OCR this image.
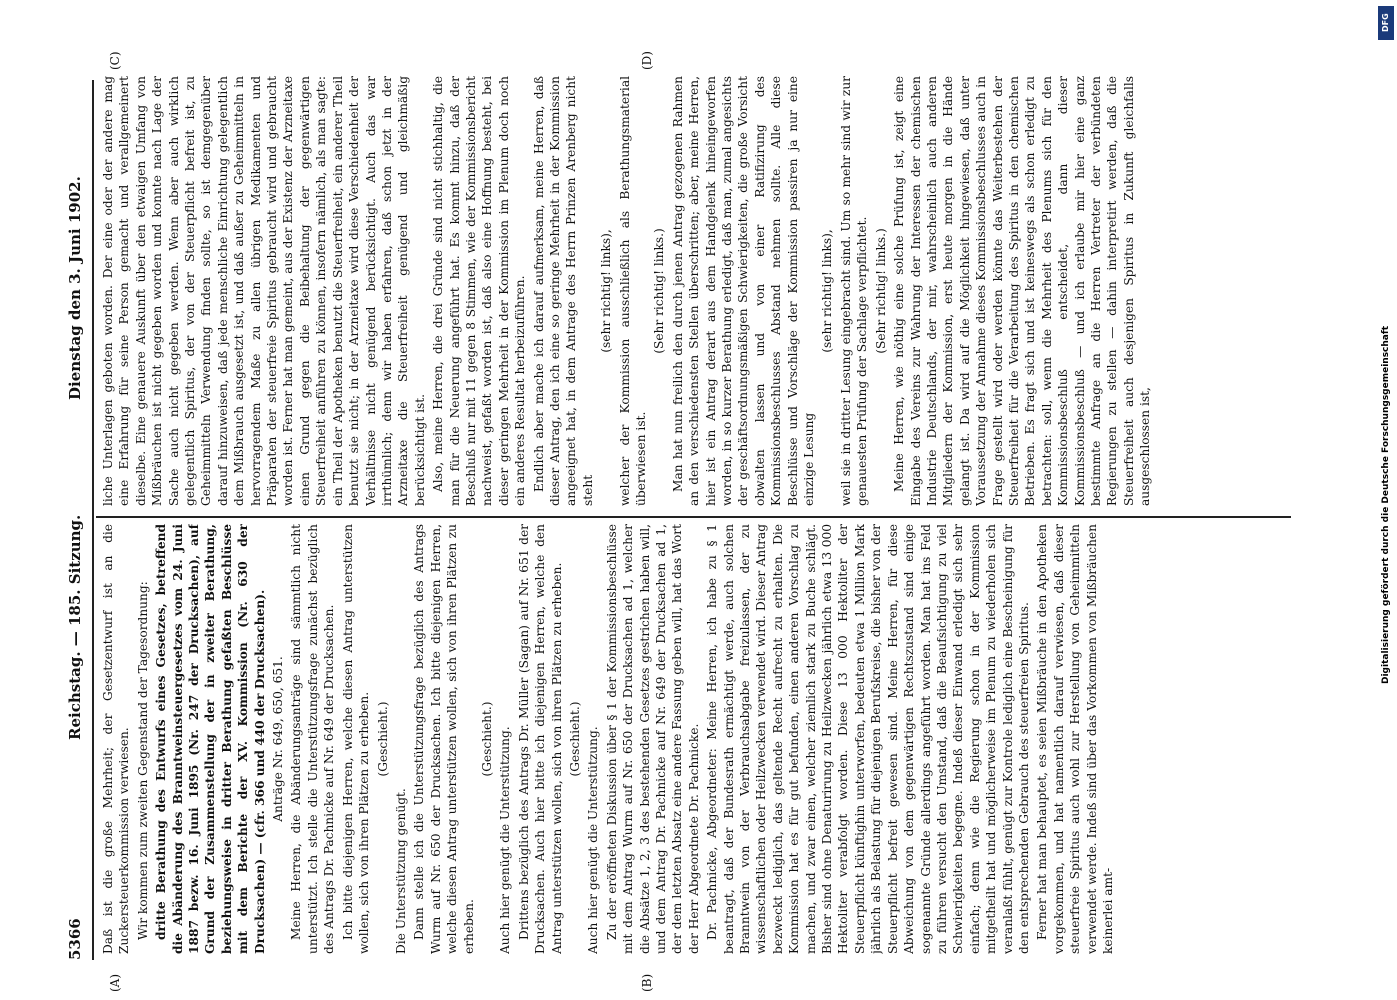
5366
Reichstag. — 185. Sitzung.
Dienstag den 3. Juni 1902.
(A)	(B)
(C)	(D)

Daß ist die große Mehrheit; der Gesetzentwurf ist an die Zuckersteuerkommission verwiesen. Wir kommen zum zweiten Gegenstand der Tagesordnung: dritte Berathung des Entwurfs eines Gesetzes, betreffend die Abänderung des Branntweinsteuergesetzes vom 24. Juni 1887 bezw. 16. Juni 1895 (Nr. 247 der Drucksachen), auf Grund der Zusammenstellung der in zweiter Berathung, beziehungsweise in dritter Berathung gefaßten Beschlüsse mit dem Berichte der XV. Kommission (Nr. 630 der Drucksachen) — (cfr. 366 und 440 der Drucksachen). Anträge Nr. 649, 650, 651. Meine Herren, die Abänderungsanträge sind sämmtlich nicht unterstützt. Ich stelle die Unterstützungsfrage zunächst bezüglich des Antrags Dr. Pachnicke auf Nr. 649 der Drucksachen. Ich bitte diejenigen Herren, welche diesen Antrag unterstützen wollen, sich von ihren Plätzen zu erheben. (Geschieht.)

Die Unterstützung genügt. Dann stelle ich die Unterstützungsfrage bezüglich des Antrags Wurm auf Nr. 650 der Drucksachen. Ich bitte diejenigen Herren, welche diesen Antrag unterstützen wollen, sich von ihren Plätzen zu erheben.

(Geschieht.) Auch hier genügt die Unterstützung. Drittens bezüglich des Antrags Dr. Müller (Sagan) auf Nr. 651 der Drucksachen. Auch hier bitte ich diejenigen Herren, welche den Antrag unterstützen wollen, sich von ihren Plätzen zu erheben. (Geschieht.) Auch hier genügt die Unterstützung. Zu der eröffneten Diskussion über § 1 der Kommissionsbeschlüsse mit dem Antrag Wurm auf Nr. 650 der Drucksachen ad 1, welcher die Absätze 1, 2, 3 des bestehenden Gesetzes gestrichen haben will, und dem Antrag Dr. Pachnicke auf Nr. 649 der Drucksachen ad 1, der dem letzten Absatz eine andere Fassung geben will, hat das Wort der Herr Abgeordnete Dr. Pachnicke. Dr. Pachnicke, Abgeordneter: Meine Herren, ich habe zu § 1 beantragt, daß der Bundesrath ermächtigt werde, auch solchen Branntwein von der Verbrauchsabgabe freizulassen, der zu wissenschaftlichen oder Heilzwecken verwendet wird. Dieser Antrag bezweckt lediglich, das geltende Recht aufrecht zu erhalten. Die Kommission hat es für gut befunden, einen anderen Vorschlag zu machen, und zwar einen, welcher ziemlich stark zu Buche schlägt. Bisher sind ohne Denaturirung zu Heilzwecken jährlich etwa 13 000 Hektoliter verabfolgt worden. Diese 13 000 Hektoliter der Steuerpflicht künftighin unterworfen, bedeuten etwa 1 Million Mark jährlich als Belastung für diejenigen Berufskreise, die bisher von der Steuerpflicht befreit gewesen sind. Meine Herren, für diese Abweichung von dem gegenwärtigen Rechtszustand sind einige sogenannte Gründe allerdings angeführt worden. Man hat ins Feld zu führen versucht den Umstand, daß die Beaufsichtigung zu viel Schwierigkeiten begegne. Indeß dieser Einwand erledigt sich sehr einfach; denn wie die Regierung schon in der Kommission mitgetheilt hat und möglicherweise im Plenum zu wiederholen sich veranlaßt fühlt, genügt zur Kontrole lediglich eine Bescheinigung für den entsprechenden Gebrauch des steuerfreien Spiritus. Ferner hat man behauptet, es seien Mißbräuche in den Apotheken vorgekommen, und hat namentlich darauf verwiesen, daß dieser steuerfreie Spiritus auch wohl zur Herstellung von Geheimmitteln verwendet werde. Indeß sind über das Vorkommen von Mißbräuchen keinerlei amt-

liche Unterlagen geboten worden. Der eine oder der andere mag eine Erfahrung für seine Person gemacht und verallgemeinert dieselbe. Eine genauere Auskunft über den etwaigen Umfang von Mißbräuchen ist nicht gegeben worden und konnte nach Lage der Sache auch nicht gegeben werden. Wenn aber auch wirklich gelegentlich Spiritus, der von der Steuerpflicht befreit ist, zu Geheimmitteln Verwendung finden sollte, so ist demgegenüber darauf hinzuweisen, daß jede menschliche Einrichtung gelegentlich dem Mißbrauch ausgesetzt ist, und daß außer zu Geheimmitteln in hervorragendem Maße zu allen übrigen Medikamenten und Präparaten der steuerfreie Spiritus gebraucht wird und gebraucht worden ist. Ferner hat man gemeint, aus der Existenz der Arzneitaxe einen Grund gegen die Beibehaltung der gegenwärtigen Steuerfreiheit anführen zu können, insofern nämlich, als man sagte: ein Theil der Apotheken benutzt die Steuerfreiheit, ein anderer Theil benutzt sie nicht; in der Arzneitaxe wird diese Verschiedenheit der Verhältnisse nicht genügend berücksichtigt. Auch das war irrthümlich; denn wir haben erfahren, daß schon jetzt in der Arzneitaxe die Steuerfreiheit genügend und gleichmäßig berücksichtigt ist. Also, meine Herren, die drei Gründe sind nicht stichhaltig, die man für die Neuerung angeführt hat. Es kommt hinzu, daß der Beschluß nur mit 11 gegen 8 Stimmen, wie der Kommissionsbericht nachweist, gefaßt worden ist, daß also eine Hoffnung besteht, bei dieser geringen Mehrheit in der Kommission im Plenum doch noch ein anderes Resultat herbeizuführen. Endlich aber mache ich darauf aufmerksam, meine Herren, daß dieser Antrag, den ich eine so geringe Mehrheit in der Kommission angeeignet hat, in dem Antrage des Herrn Prinzen Arenberg nicht steht

(sehr richtig! links), welcher der Kommission ausschließlich als Berathungsmaterial überwiesen ist.

(Sehr richtig! links.) Man hat nun freilich den durch jenen Antrag gezogenen Rahmen an den verschiedensten Stellen überschritten; aber, meine Herren, hier ist ein Antrag derart aus dem Handgelenk hineingeworfen worden, in so kurzer Berathung erledigt, daß man, zumal angesichts der geschäftsordnungsmäßigen Schwierigkeiten, die große Vorsicht obwalten lassen und von einer Ratifizirung des Kommissionsbeschlusses Abstand nehmen sollte. Alle diese Beschlüsse und Vorschläge der Kommission passiren ja nur eine einzige Lesung

(sehr richtig! links), weil sie in dritter Lesung eingebracht sind. Um so mehr sind wir zur genauesten Prüfung der Sachlage verpflichtet. (Sehr richtig! links.) Meine Herren, wie nöthig eine solche Prüfung ist, zeigt eine Eingabe des Vereins zur Wahrung der Interessen der chemischen Industrie Deutschlands, der mir, wahrscheinlich auch anderen Mitgliedern der Kommission, erst heute morgen in die Hände gelangt ist. Da wird auf die Möglichkeit hingewiesen, daß unter Voraussetzung der Annahme dieses Kommissionsbeschlusses auch in Frage gestellt wird oder werden könnte das Weiterbestehen der Steuerfreiheit für die Verarbeitung des Spiritus in den chemischen Betrieben. Es fragt sich und ist keineswegs als schon erledigt zu betrachten: soll, wenn die Mehrheit des Plenums sich für den Kommissionsbeschluß entscheidet, dann dieser Kommissionsbeschluß — und ich erlaube mir hier eine ganz bestimmte Anfrage an die Herren Vertreter der verbündeten Regierungen zu stellen — dahin interpretirt werden, daß die Steuerfreiheit auch desjenigen Spiritus in Zukunft gleichfalls ausgeschlossen ist,

DFG
Digitalisierung gefördert durch die Deutsche Forschungsgemeinschaft
